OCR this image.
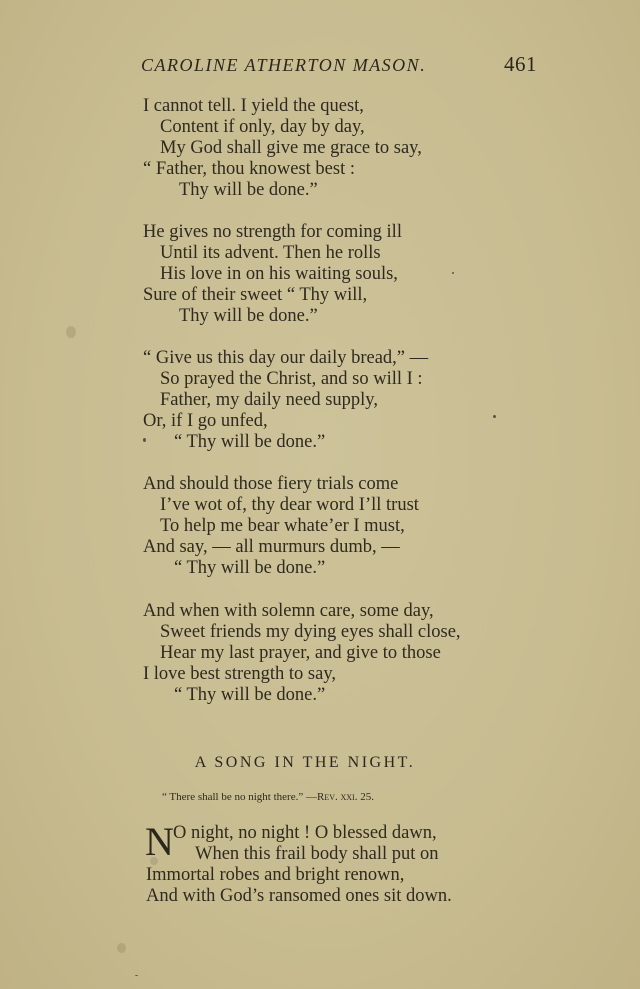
CAROLINE ATHERTON MASON.	461
I cannot tell. I yield the quest,
Content if only, day by day,
My God shall give me grace to say,
“ Father, thou knowest best :
Thy will be done.”
He gives no strength for coming ill
Until its advent. Then he rolls
His love in on his waiting souls,
Sure of their sweet “ Thy will,
Thy will be done.”
“ Give us this day our daily bread,” —
So prayed the Christ, and so will I :
Father, my daily need supply,
Or, if I go unfed,
“ Thy will be done.”
And should those fiery trials come
I’ve wot of, thy dear word I’ll trust
To help me bear whate’er I must,
And say, — all murmurs dumb, —
“ Thy will be done.”
And when with solemn care, some day,
Sweet friends my dying eyes shall close,
Hear my last prayer, and give to those
I love best strength to say,
“ Thy will be done.”
A SONG IN THE NIGHT.
“ There shall be no night there.” —Rev. xxi. 25.
N O night, no night ! O blessed dawn,
When this frail body shall put on
Immortal robes and bright renown,
And with God’s ransomed ones sit down.
